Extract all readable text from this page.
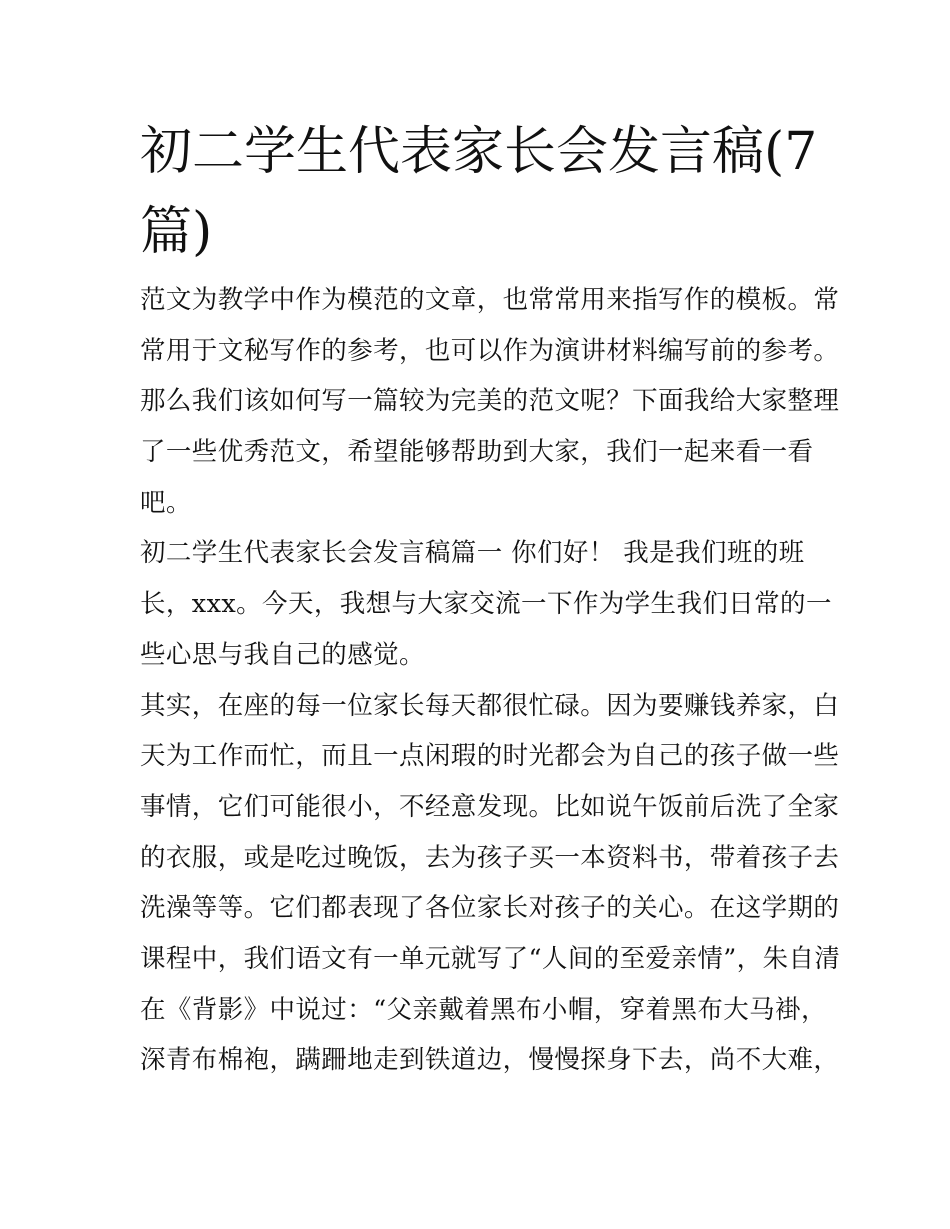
初二学生代表家长会发言稿(7
篇)
范文为教学中作为模范的文章，也常常用来指写作的模板。常
常用于文秘写作的参考，也可以作为演讲材料编写前的参考。
那么我们该如何写一篇较为完美的范文呢？下面我给大家整理
了一些优秀范文，希望能够帮助到大家，我们一起来看一看
吧。
初二学生代表家长会发言稿篇一 你们好！ 我是我们班的班
长，xxx。今天，我想与大家交流一下作为学生我们日常的一
些心思与我自己的感觉。
其实，在座的每一位家长每天都很忙碌。因为要赚钱养家，白
天为工作而忙，而且一点闲瑕的时光都会为自己的孩子做一些
事情，它们可能很小，不经意发现。比如说午饭前后洗了全家
的衣服，或是吃过晚饭，去为孩子买一本资料书，带着孩子去
洗澡等等。它们都表现了各位家长对孩子的关心。在这学期的
课程中，我们语文有一单元就写了“人间的至爱亲情”，朱自清
在《背影》中说过：“父亲戴着黑布小帽，穿着黑布大马褂，
深青布棉袍，蹒跚地走到铁道边，慢慢探身下去，尚不大难，
